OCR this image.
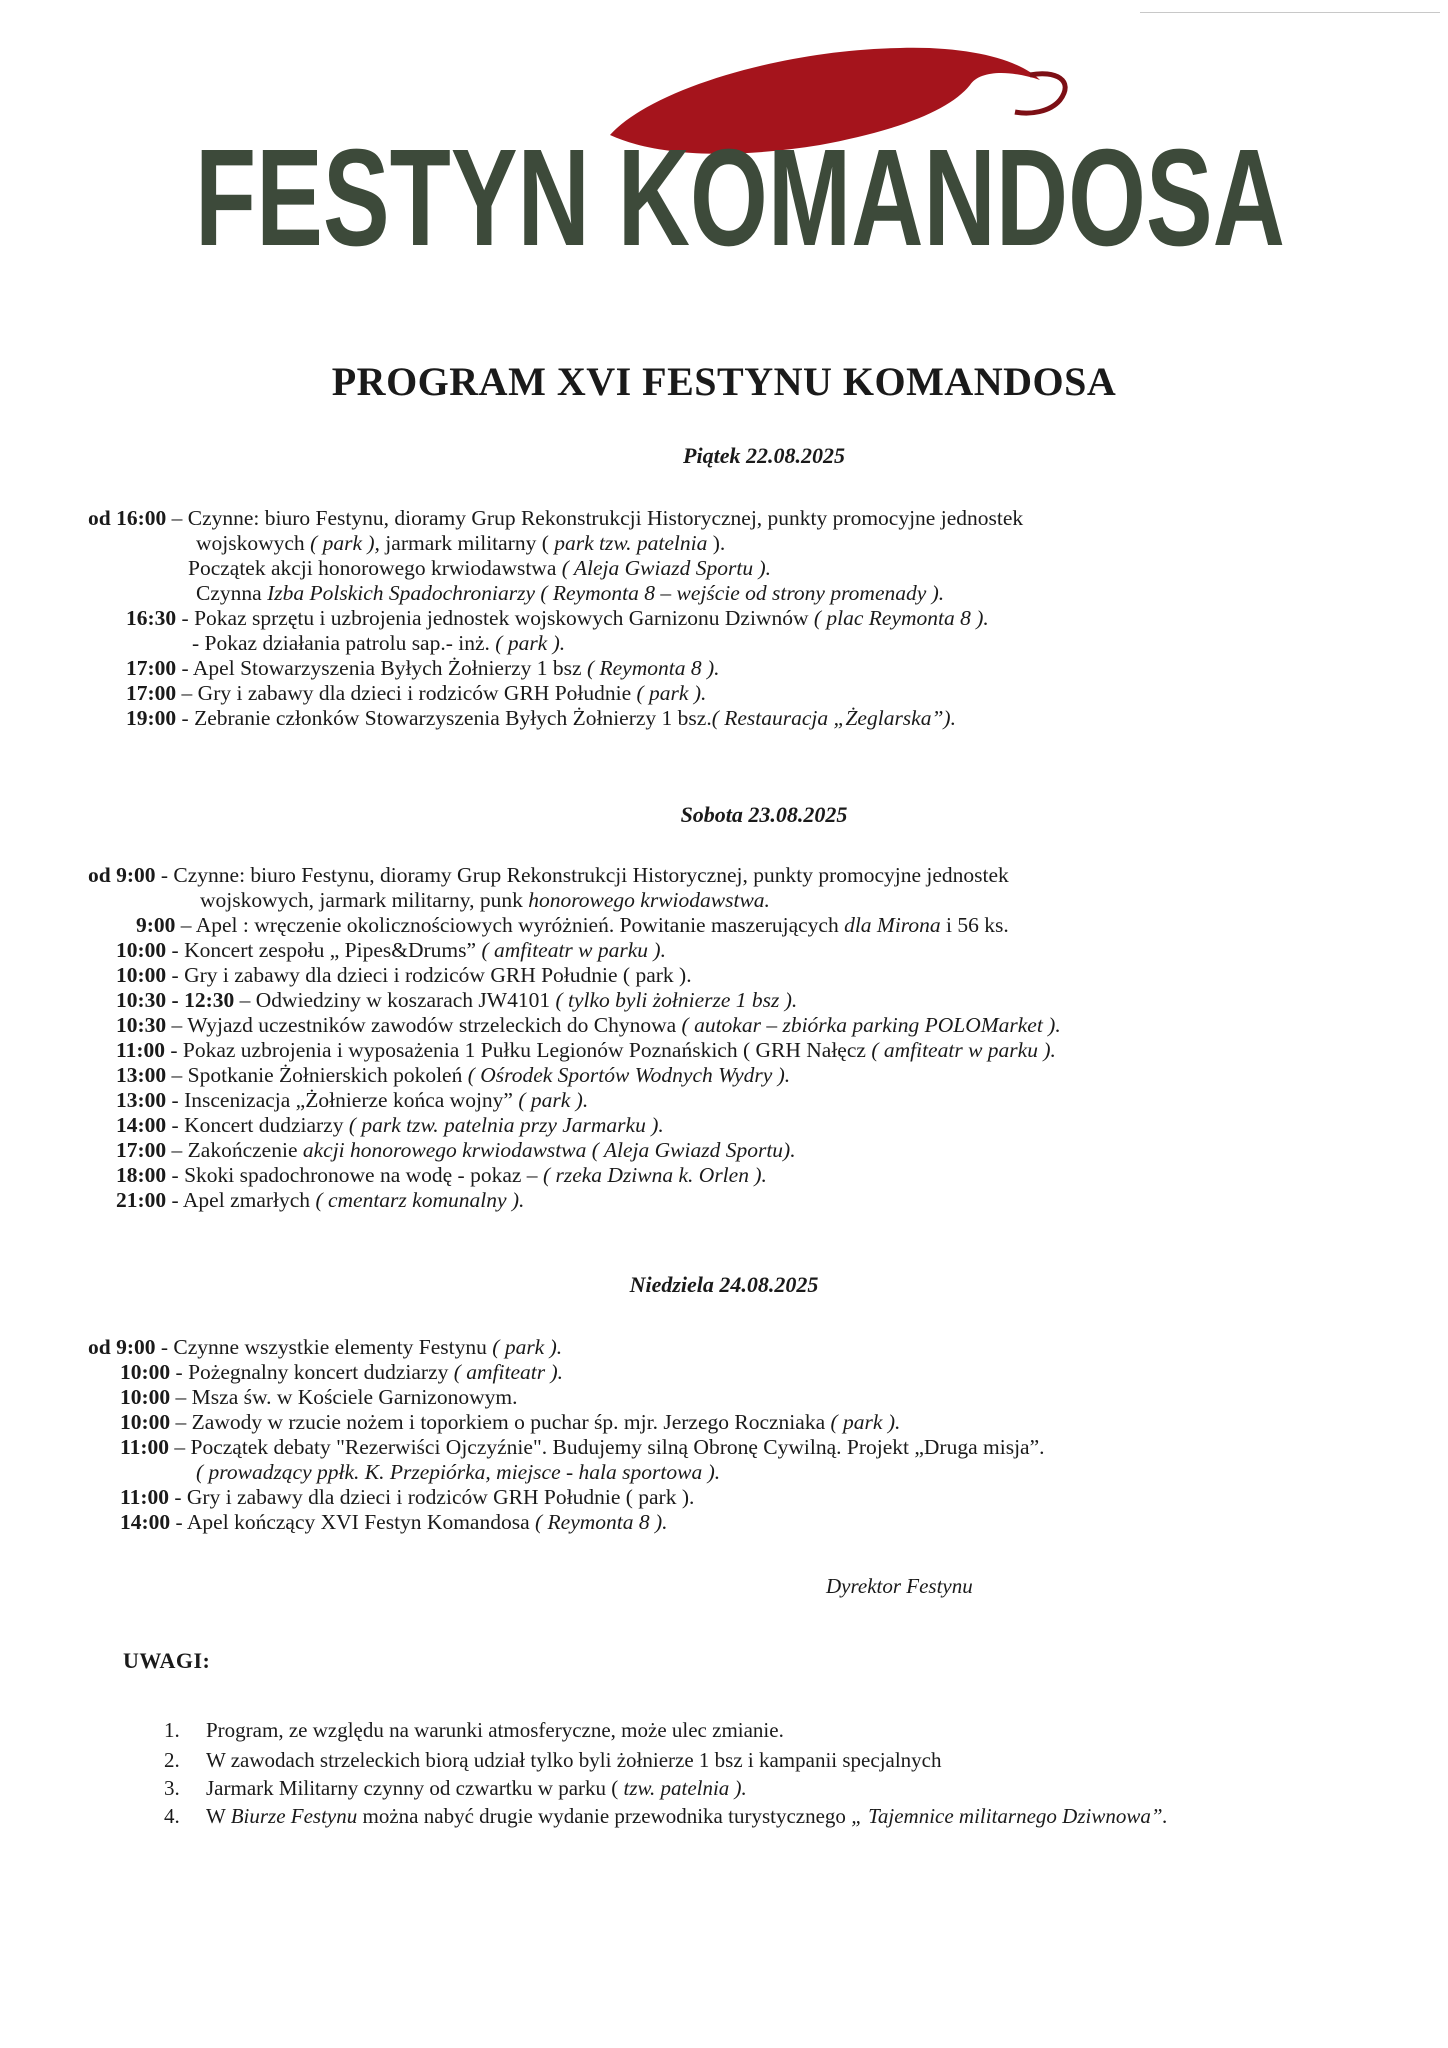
FESTYN KOMANDOSA
PROGRAM XVI FESTYNU KOMANDOSA
Piątek 22.08.2025
Sobota 23.08.2025
Niedziela 24.08.2025
od 16:00 – Czynne: biuro Festynu, dioramy Grup Rekonstrukcji Historycznej, punkty promocyjne jednostek
wojskowych ( park ), jarmark militarny ( park tzw. patelnia ).
Początek akcji honorowego krwiodawstwa ( Aleja Gwiazd Sportu ).
Czynna Izba Polskich Spadochroniarzy ( Reymonta 8 – wejście od strony promenady ).
16:30 - Pokaz sprzętu i uzbrojenia jednostek wojskowych Garnizonu Dziwnów ( plac Reymonta 8 ).
- Pokaz działania patrolu sap.- inż. ( park ).
17:00 - Apel Stowarzyszenia Byłych Żołnierzy 1 bsz ( Reymonta 8 ).
17:00 – Gry i zabawy dla dzieci i rodziców GRH Południe ( park ).
19:00 - Zebranie członków Stowarzyszenia Byłych Żołnierzy 1 bsz.( Restauracja „Żeglarska”).
od 9:00 - Czynne: biuro Festynu, dioramy Grup Rekonstrukcji Historycznej, punkty promocyjne jednostek
wojskowych, jarmark militarny, punk honorowego krwiodawstwa.
9:00 – Apel : wręczenie okolicznościowych wyróżnień. Powitanie maszerujących dla Mirona i 56 ks.
10:00 - Koncert zespołu „ Pipes&Drums” ( amfiteatr w parku ).
10:00 - Gry i zabawy dla dzieci i rodziców GRH Południe ( park ).
10:30 - 12:30 – Odwiedziny w koszarach JW4101 ( tylko byli żołnierze 1 bsz ).
10:30 – Wyjazd uczestników zawodów strzeleckich do Chynowa ( autokar – zbiórka parking POLOMarket ).
11:00 - Pokaz uzbrojenia i wyposażenia 1 Pułku Legionów Poznańskich ( GRH Nałęcz ( amfiteatr w parku ).
13:00 – Spotkanie Żołnierskich pokoleń ( Ośrodek Sportów Wodnych Wydry ).
13:00 - Inscenizacja „Żołnierze końca wojny” ( park ).
14:00 - Koncert dudziarzy ( park tzw. patelnia przy Jarmarku ).
17:00 – Zakończenie akcji honorowego krwiodawstwa ( Aleja Gwiazd Sportu).
18:00 - Skoki spadochronowe na wodę - pokaz – ( rzeka Dziwna k. Orlen ).
21:00 - Apel zmarłych ( cmentarz komunalny ).
od 9:00 - Czynne wszystkie elementy Festynu ( park ).
10:00 - Pożegnalny koncert dudziarzy ( amfiteatr ).
10:00 – Msza św. w Kościele Garnizonowym.
10:00 – Zawody w rzucie nożem i toporkiem o puchar śp. mjr. Jerzego Roczniaka ( park ).
11:00 – Początek debaty "Rezerwiści Ojczyźnie". Budujemy silną Obronę Cywilną. Projekt „Druga misja”.
( prowadzący ppłk. K. Przepiórka, miejsce - hala sportowa ).
11:00 - Gry i zabawy dla dzieci i rodziców GRH Południe ( park ).
14:00 - Apel kończący XVI Festyn Komandosa ( Reymonta 8 ).
Dyrektor Festynu
UWAGI:
1. Program, ze względu na warunki atmosferyczne, może ulec zmianie.
2. W zawodach strzeleckich biorą udział tylko byli żołnierze 1 bsz i kampanii specjalnych
3. Jarmark Militarny czynny od czwartku w parku ( tzw. patelnia ).
4. W Biurze Festynu można nabyć drugie wydanie przewodnika turystycznego „ Tajemnice militarnego Dziwnowa”.
